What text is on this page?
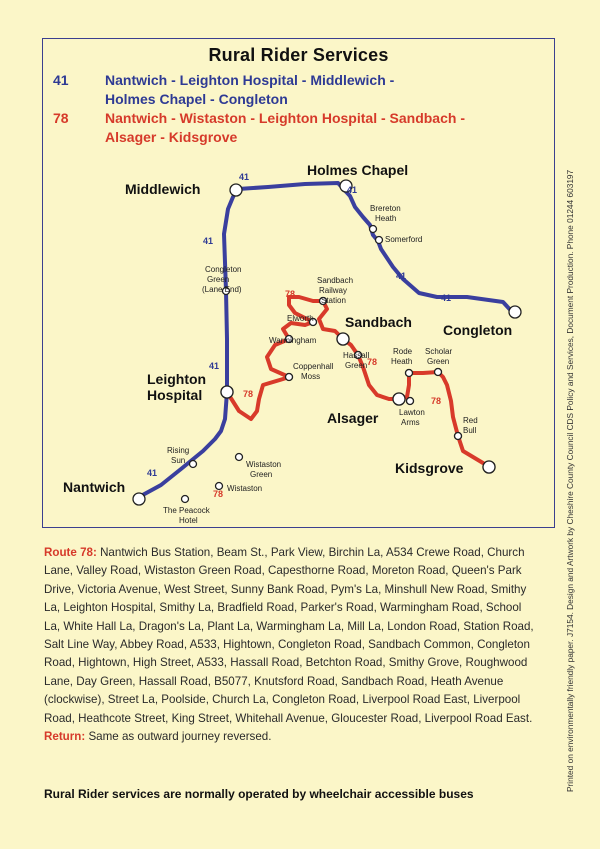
Rural Rider Services
41	Nantwich - Leighton Hospital - Middlewich -
Holmes Chapel - Congleton
78	Nantwich - Wistaston - Leighton Hospital - Sandbach -
Alsager - Kidsgrove
41
41
41
41
41
41
41
78
78
78
78
78
Middlewich
Holmes Chapel
Congleton
Sandbach
Leighton
Hospital
Alsager
Kidsgrove
Nantwich
Brereton
Heath
Somerford
Congleton
Green
(Lane End)
Sandbach
Railway
Station
Elworth
Warmingham
Hassall
Green
Rode
Heath
Scholar
Green
Coppenhall
Moss
Lawton
Arms	Red
Bull
Rising
Sun	Wistaston
Green
Wistaston
The Peacock
Hotel
Route 78: Nantwich Bus Station, Beam St., Park View, Birchin La, A534 Crewe Road, Church Lane, Valley Road, Wistaston Green Road, Capesthorne Road, Moreton Road, Queen's Park Drive, Victoria Avenue, West Street, Sunny Bank Road, Pym's La, Minshull New Road, Smithy La, Leighton Hospital, Smithy La, Bradfield Road, Parker's Road, Warmingham Road, School La, White Hall La, Dragon's La, Plant La, Warmingham La, Mill La, London Road, Station Road, Salt Line Way, Abbey Road, A533, Hightown, Congleton Road, Sandbach Common, Congleton Road, Hightown, High Street, A533, Hassall Road, Betchton Road, Smithy Grove, Roughwood Lane, Day Green, Hassall Road, B5077, Knutsford Road, Sandbach Road, Heath Avenue (clockwise), Street La, Poolside, Church La, Congleton Road, Liverpool Road East, Liverpool Road, Heathcote Street, King Street, Whitehall Avenue, Gloucester Road, Liverpool Road East.
Return: Same as outward journey reversed.
Rural Rider services are normally operated by wheelchair accessible buses
Printed on environmentally friendly paper. J7154. Design and Artwork by Cheshire County Council CDS Policy and Services, Document Production. Phone 01244 603197
